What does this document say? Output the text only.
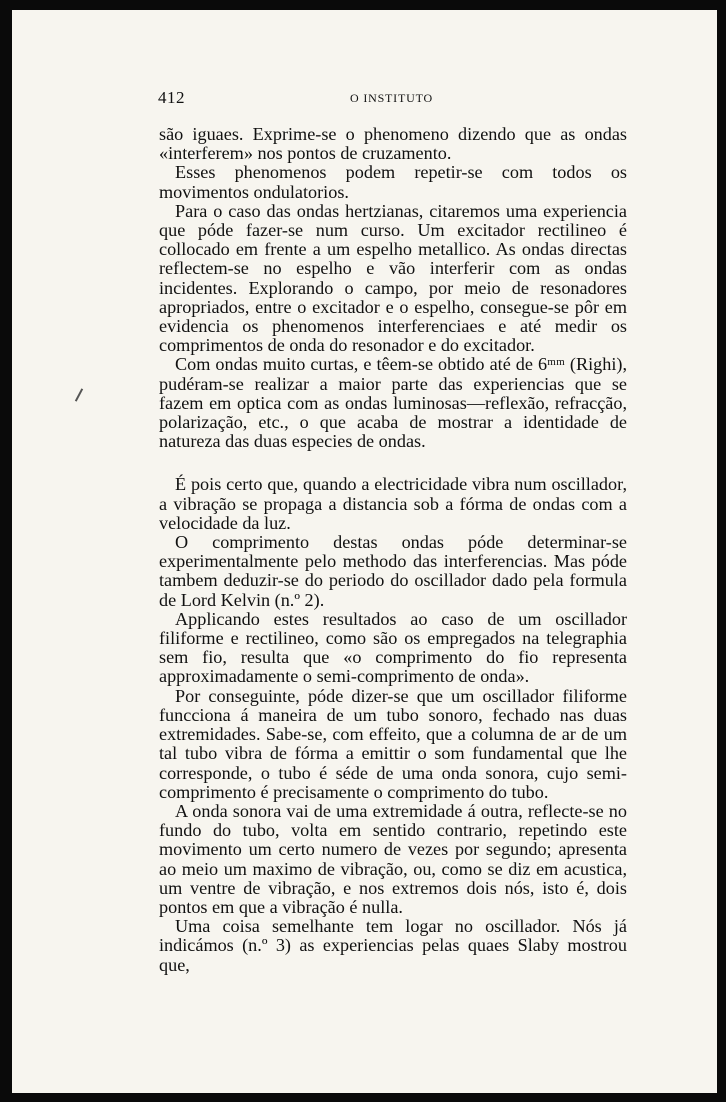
412	O INSTITUTO

são iguaes. Exprime-se o phenomeno dizendo que as ondas «interferem» nos pontos de cruzamento.

Esses phenomenos podem repetir-se com todos os movimentos ondulatorios.

Para o caso das ondas hertzianas, citaremos uma experiencia que póde fazer-se num curso. Um excitador rectilineo é collocado em frente a um espelho metallico. As ondas directas reflectem-se no espelho e vão interferir com as ondas incidentes. Explorando o campo, por meio de resonadores apropriados, entre o excitador e o espelho, consegue-se pôr em evidencia os phenomenos interferenciaes e até medir os comprimentos de onda do resonador e do excitador.

Com ondas muito curtas, e têem-se obtido até de 6ᵐᵐ (Righi), pudéram-se realizar a maior parte das experiencias que se fazem em optica com as ondas luminosas—reflexão, refracção, polarização, etc., o que acaba de mostrar a identidade de natureza das duas especies de ondas.

É pois certo que, quando a electricidade vibra num oscillador, a vibração se propaga a distancia sob a fórma de ondas com a velocidade da luz.

O comprimento destas ondas póde determinar-se experimentalmente pelo methodo das interferencias. Mas póde tambem deduzir-se do periodo do oscillador dado pela formula de Lord Kelvin (n.º 2).

Applicando estes resultados ao caso de um oscillador filiforme e rectilineo, como são os empregados na telegraphia sem fio, resulta que «o comprimento do fio representa approximadamente o semi-comprimento de onda».

Por conseguinte, póde dizer-se que um oscillador filiforme funcciona á maneira de um tubo sonoro, fechado nas duas extremidades. Sabe-se, com effeito, que a columna de ar de um tal tubo vibra de fórma a emittir o som fundamental que lhe corresponde, o tubo é séde de uma onda sonora, cujo semi-comprimento é precisamente o comprimento do tubo.

A onda sonora vai de uma extremidade á outra, reflecte-se no fundo do tubo, volta em sentido contrario, repetindo este movimento um certo numero de vezes por segundo; apresenta ao meio um maximo de vibração, ou, como se diz em acustica, um ventre de vibração, e nos extremos dois nós, isto é, dois pontos em que a vibração é nulla.

Uma coisa semelhante tem logar no oscillador. Nós já indicámos (n.º 3) as experiencias pelas quaes Slaby mostrou que,
